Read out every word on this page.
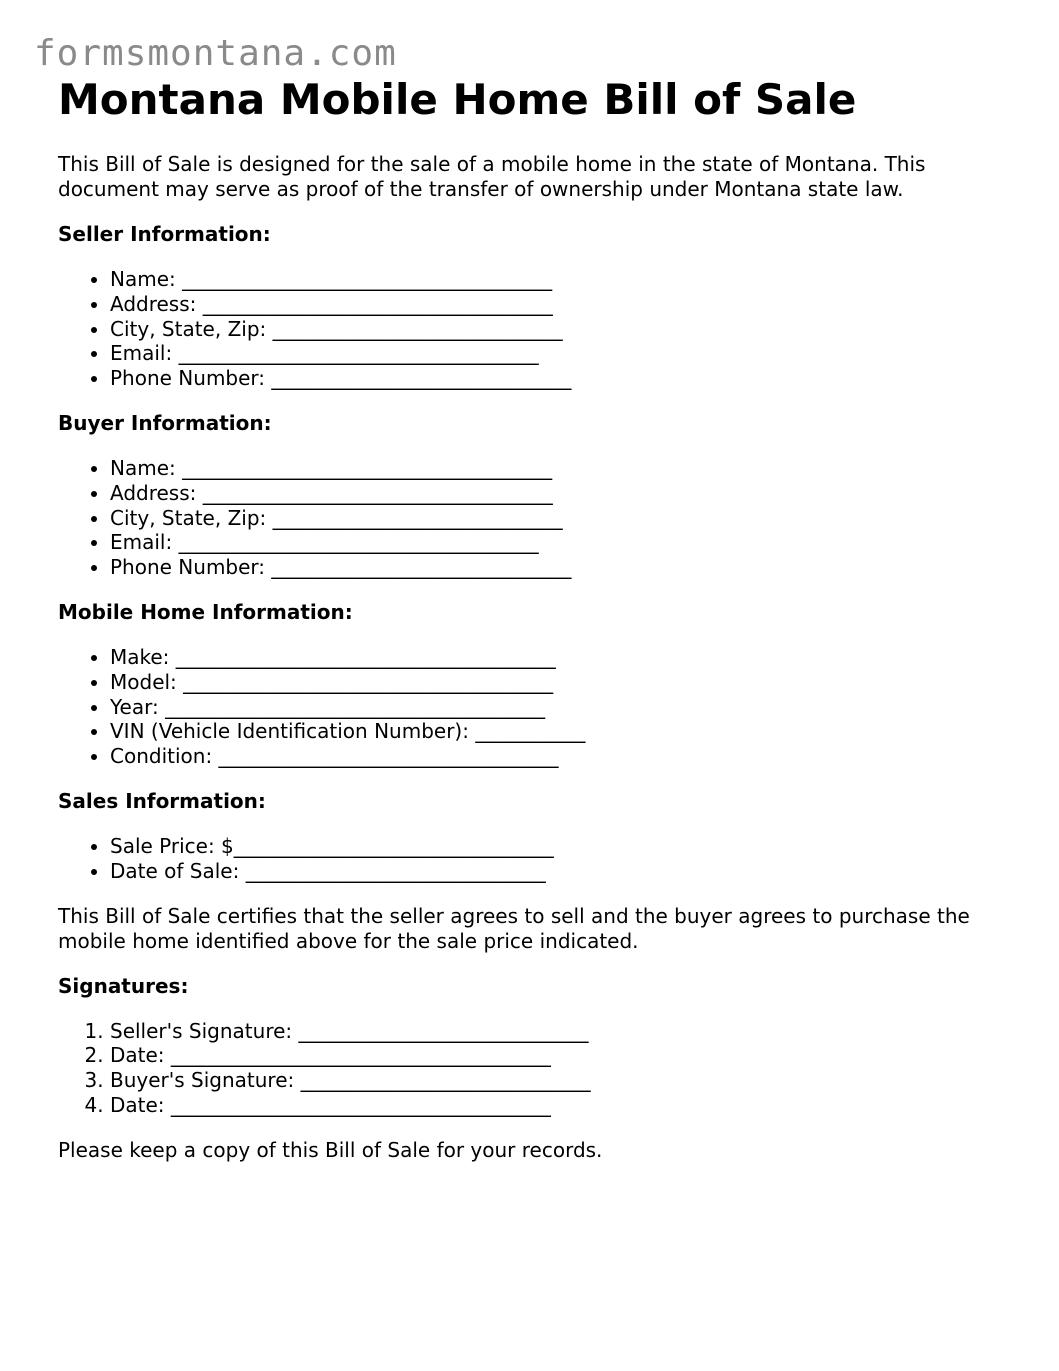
formsmontana.com
Montana Mobile Home Bill of Sale

This Bill of Sale is designed for the sale of a mobile home in the state of Montana. This document may serve as proof of the transfer of ownership under Montana state law.

Seller Information:
• Name: _____________________________________
• Address: ___________________________________
• City, State, Zip: _____________________________
• Email: ____________________________________
• Phone Number: ______________________________
Buyer Information:
• Name: _____________________________________
• Address: ___________________________________
• City, State, Zip: _____________________________
• Email: ____________________________________
• Phone Number: ______________________________
Mobile Home Information:
• Make: ______________________________________
• Model: _____________________________________
• Year: ______________________________________
• VIN (Vehicle Identification Number): ___________
• Condition: __________________________________
Sales Information:
• Sale Price: $________________________________
• Date of Sale: ______________________________

This Bill of Sale certifies that the seller agrees to sell and the buyer agrees to purchase the mobile home identified above for the sale price indicated.

Signatures:
1. Seller's Signature: _____________________________
2. Date: ______________________________________
3. Buyer's Signature: _____________________________
4. Date: ______________________________________

Please keep a copy of this Bill of Sale for your records.
